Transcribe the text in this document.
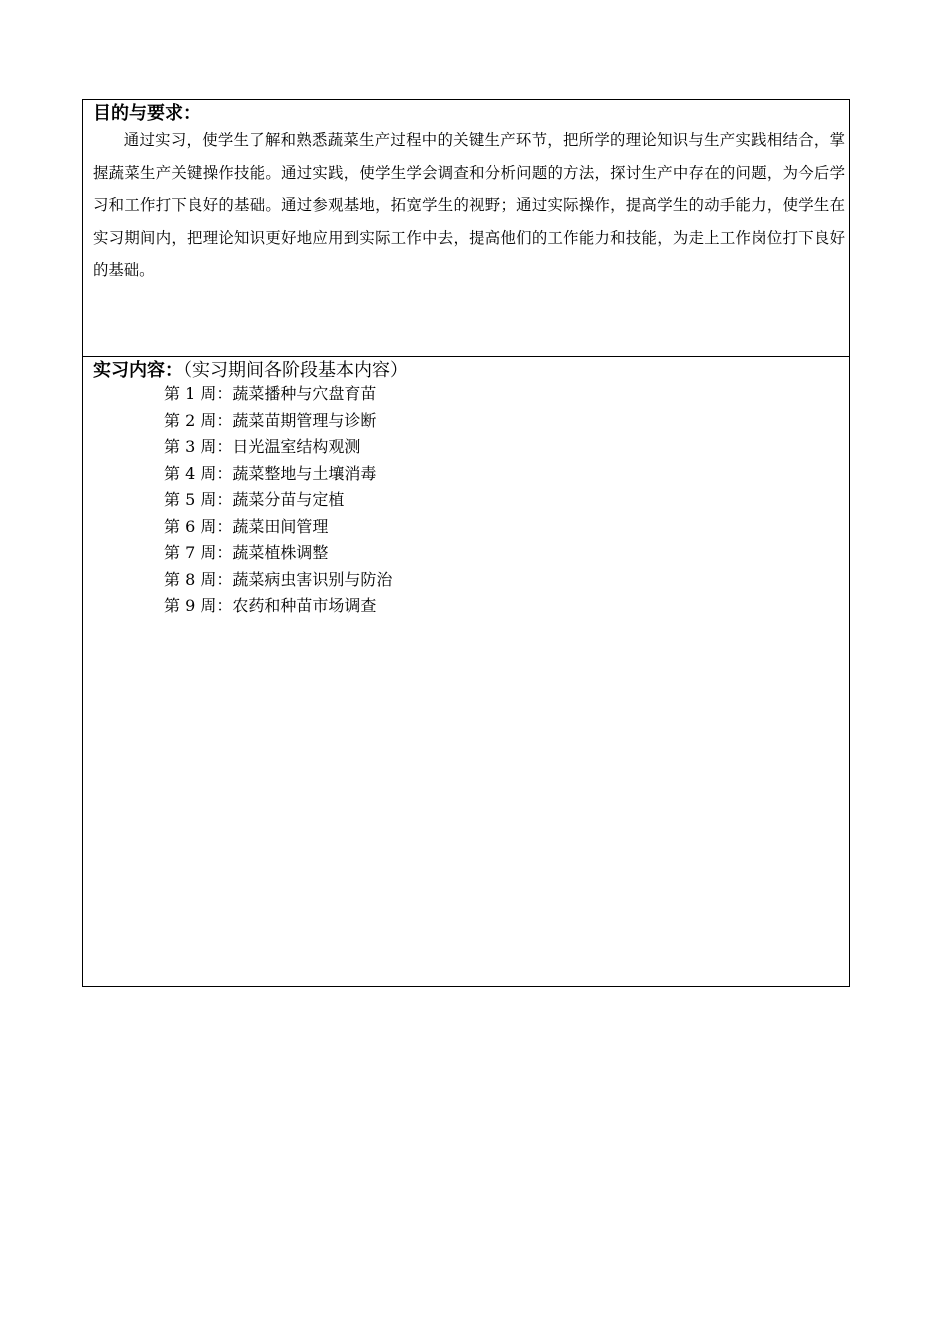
目的与要求：

通过实习，使学生了解和熟悉蔬菜生产过程中的关键生产环节，把所学的理论知识与生产实践相结合，掌握蔬菜生产关键操作技能。通过实践，使学生学会调查和分析问题的方法，探讨生产中存在的问题，为今后学习和工作打下良好的基础。通过参观基地，拓宽学生的视野；通过实际操作，提高学生的动手能力，使学生在实习期间内，把理论知识更好地应用到实际工作中去，提高他们的工作能力和技能，为走上工作岗位打下良好的基础。

实习内容：（实习期间各阶段基本内容）
第 1 周：蔬菜播种与穴盘育苗
第 2 周：蔬菜苗期管理与诊断
第 3 周：日光温室结构观测
第 4 周：蔬菜整地与土壤消毒
第 5 周：蔬菜分苗与定植
第 6 周：蔬菜田间管理
第 7 周：蔬菜植株调整
第 8 周：蔬菜病虫害识别与防治
第 9 周：农药和种苗市场调查
